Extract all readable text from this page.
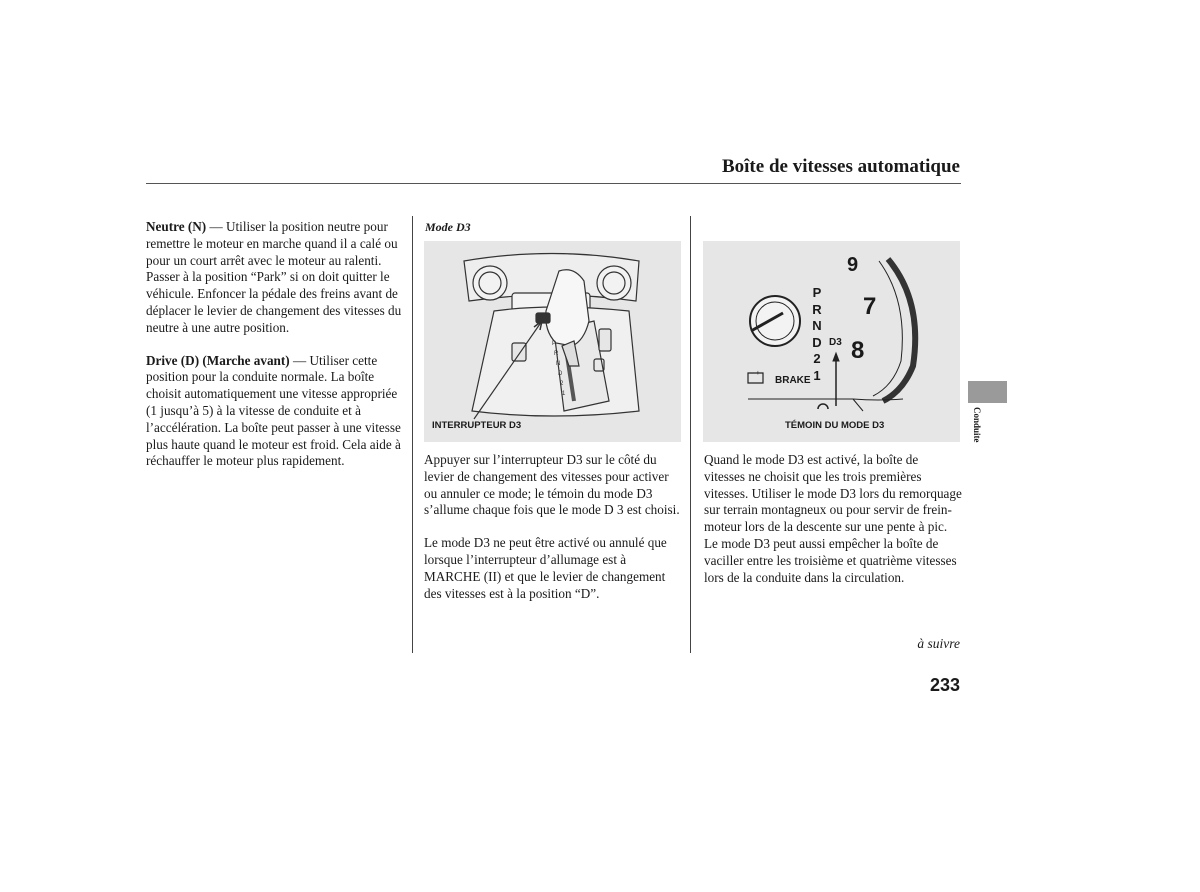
Boîte de vitesses automatique

Neutre (N) — Utiliser la position neutre pour remettre le moteur en marche quand il a calé ou pour un court arrêt avec le moteur au ralenti. Passer à la position “Park” si on doit quitter le véhicule. Enfoncer la pédale des freins avant de déplacer le levier de changement des vitesses du neutre à une autre position.

Drive (D) (Marche avant) — Utiliser cette position pour la conduite normale. La boîte choisit automatiquement une vitesse appropriée (1 jusqu’à 5) à la vitesse de conduite et à l’accélération. La boîte peut passer à une vitesse plus haute quand le moteur est froid. Cela aide à réchauffer le moteur plus rapidement.

Mode D3
P
R
N
D
2
1
INTERRUPTEUR D3

Appuyer sur l’interrupteur D3 sur le côté du levier de changement des vitesses pour activer ou annuler ce mode; le témoin du mode D3 s’allume chaque fois que le mode D 3 est choisi.

Le mode D3 ne peut être activé ou annulé que lorsque l’interrupteur d’allumage est à MARCHE (II) et que le levier de changement des vitesses est à la position “D”.

P
R
N
D
2
1
D3
BRAKE
– +
6
7
8
TÉMOIN DU MODE D3

Quand le mode D3 est activé, la boîte de vitesses ne choisit que les trois premières vitesses. Utiliser le mode D3 lors du remorquage sur terrain montagneux ou pour servir de frein-moteur lors de la descente sur une pente à pic. Le mode D3 peut aussi empêcher la boîte de vaciller entre les troisième et quatrième vitesses lors de la conduite dans la circulation.

Conduite
à suivre
233
